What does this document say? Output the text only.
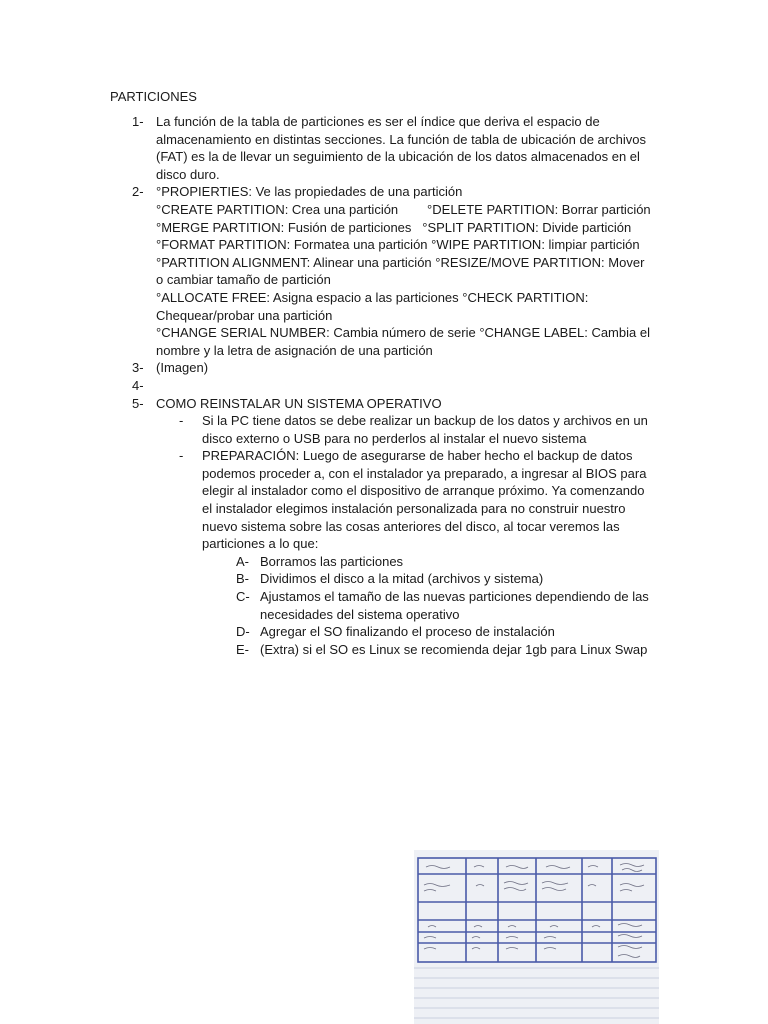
PARTICIONES
1- La función de la tabla de particiones es ser el índice que deriva el espacio de almacenamiento en distintas secciones. La función de tabla de ubicación de archivos (FAT) es la de llevar un seguimiento de la ubicación de los datos almacenados en el disco duro.
2- °PROPIERTIES: Ve las propiedades de una partición
°CREATE PARTITION: Crea una partición        °DELETE PARTITION: Borrar partición
°MERGE PARTITION: Fusión de particiones   °SPLIT PARTITION: Divide partición
°FORMAT PARTITION: Formatea una partición °WIPE PARTITION: limpiar partición
°PARTITION ALIGNMENT: Alinear una partición °RESIZE/MOVE PARTITION: Mover o cambiar tamaño de partición
°ALLOCATE FREE: Asigna espacio a las particiones °CHECK PARTITION: Chequear/probar una partición
°CHANGE SERIAL NUMBER: Cambia número de serie °CHANGE LABEL: Cambia el nombre y la letra de asignación de una partición
3- (Imagen)
4-
5- COMO REINSTALAR UN SISTEMA OPERATIVO
- Si la PC tiene datos se debe realizar un backup de los datos y archivos en un disco externo o USB para no perderlos al instalar el nuevo sistema
- PREPARACIÓN: Luego de asegurarse de haber hecho el backup de datos podemos proceder a, con el instalador ya preparado, a ingresar al BIOS para elegir al instalador como el dispositivo de arranque próximo. Ya comenzando el instalador elegimos instalación personalizada para no construir nuestro nuevo sistema sobre las cosas anteriores del disco, al tocar veremos las particiones a lo que:
A- Borramos las particiones
B- Dividimos el disco a la mitad (archivos y sistema)
C- Ajustamos el tamaño de las nuevas particiones dependiendo de las necesidades del sistema operativo
D- Agregar el SO finalizando el proceso de instalación
E- (Extra) si el SO es Linux se recomienda dejar 1gb para Linux Swap
